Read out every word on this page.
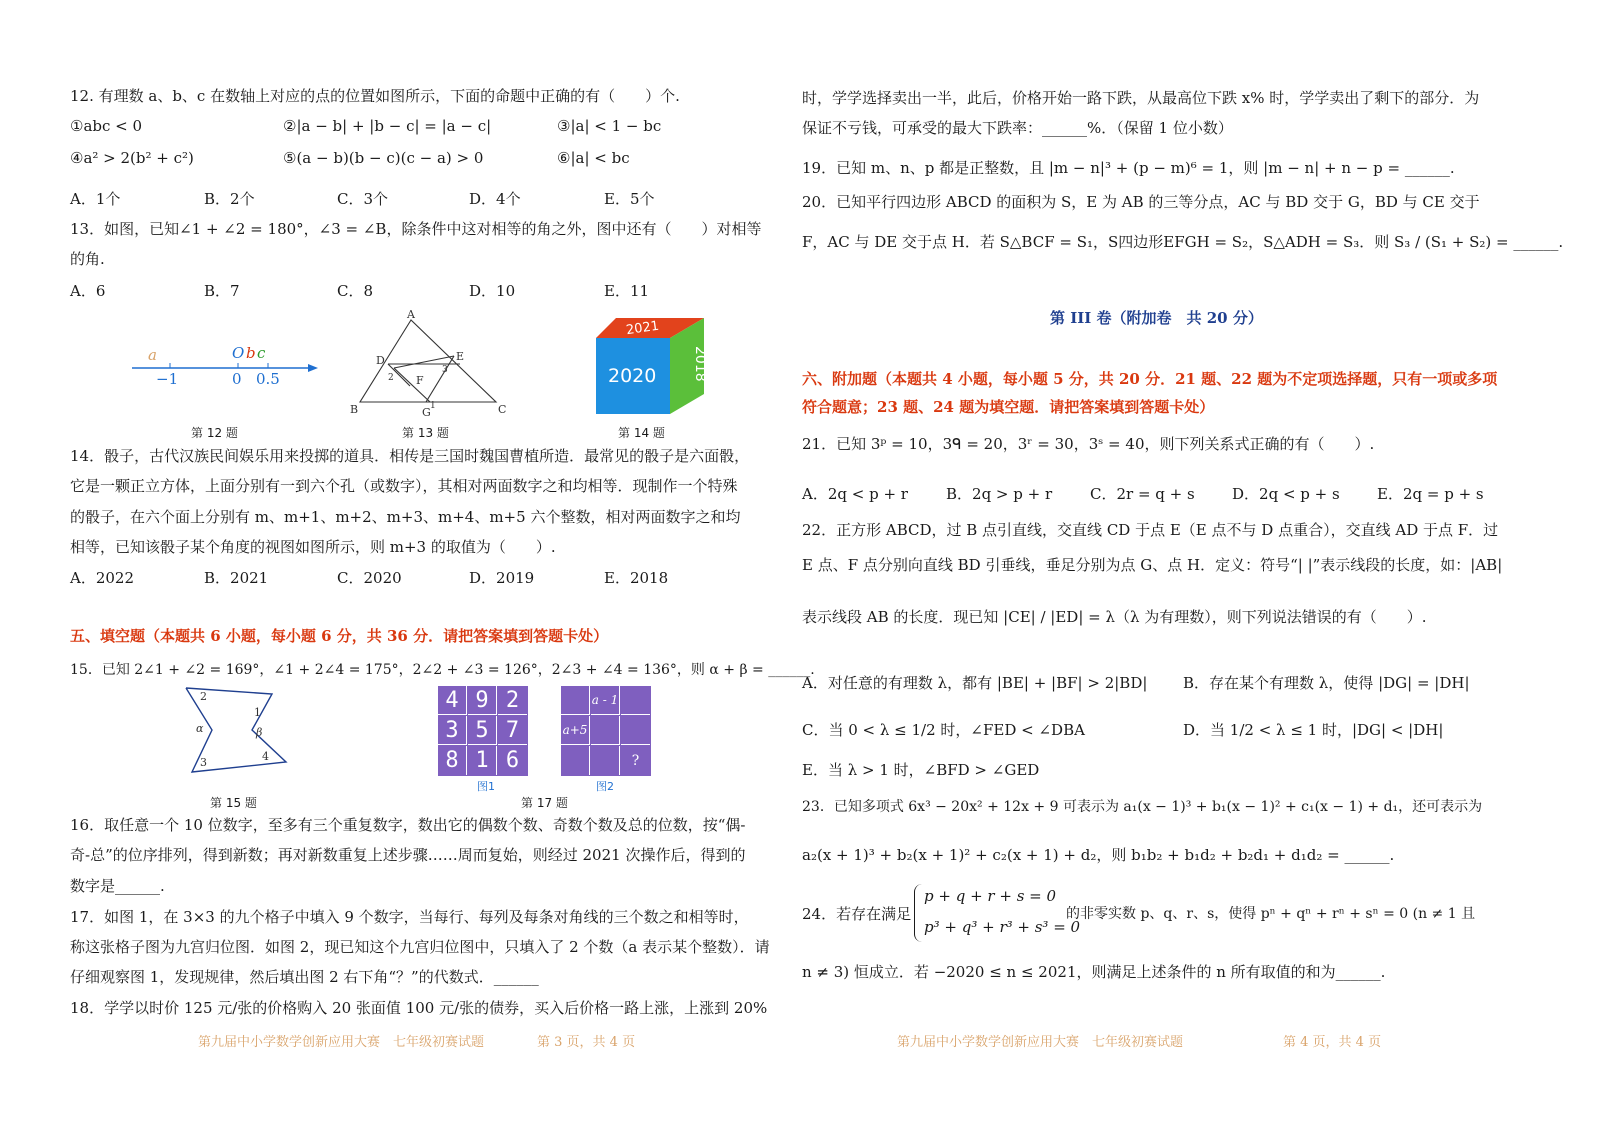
12. 有理数 a、b、c 在数轴上对应的点的位置如图所示，下面的命题中正确的有（　　）个.
①abc < 0	②|a − b| + |b − c| = |a − c|	③|a| < 1 − bc
④a² > 2(b² + c²)	⑤(a − b)(b − c)(c − a) > 0	⑥|a| < bc
A．1个	B．2个	C．3个	D．4个	E．5个
13．如图，已知∠1 + ∠2 = 180°，∠3 = ∠B，除条件中这对相等的角之外，图中还有（　　）对相等
的角.
A．6	B．7	C．8	D．10	E．11
a	O b c
−1	0 0.5
第 12 题
A
B	C
D	E
F
G 1
2
3
第 13 题
2021
2020	2018
第 14 题
14．骰子，古代汉族民间娱乐用来投掷的道具．相传是三国时魏国曹植所造．最常见的骰子是六面骰，
它是一颗正立方体，上面分别有一到六个孔（或数字），其相对两面数字之和均相等．现制作一个特殊
的骰子，在六个面上分别有 m、m+1、m+2、m+3、m+4、m+5 六个整数，相对两面数字之和均
相等，已知该骰子某个角度的视图如图所示，则 m+3 的取值为（　　）.
A．2022	B．2021	C．2020	D．2019	E．2018
五、填空题（本题共 6 小题，每小题 6 分，共 36 分．请把答案填到答题卡处）
15．已知 2∠1 + ∠2 = 169°，∠1 + 2∠4 = 175°，2∠2 + ∠3 = 126°，2∠3 + ∠4 = 136°，则 α + β = ______.
2
1
3	4
α	β
第 15 题
4 9 2
3 5 7
8 1 6
图1
a - 1
a+5
?
图2
第 17 题
16．取任意一个 10 位数字，至多有三个重复数字，数出它的偶数个数、奇数个数及总的位数，按“偶-
奇-总”的位序排列，得到新数；再对新数重复上述步骤……周而复始，则经过 2021 次操作后，得到的
数字是______.
17．如图 1，在 3×3 的九个格子中填入 9 个数字，当每行、每列及每条对角线的三个数之和相等时，
称这张格子图为九宫归位图．如图 2，现已知这个九宫归位图中，只填入了 2 个数（a 表示某个整数）．请
仔细观察图 1，发现规律，然后填出图 2 右下角“？”的代数式．______
18．学学以时价 125 元/张的价格购入 20 张面值 100 元/张的债券，买入后价格一路上涨，上涨到 20%
第九届中小学数学创新应用大赛　七年级初赛试题	第 3 页，共 4 页
时，学学选择卖出一半，此后，价格开始一路下跌，从最高位下跌 x% 时，学学卖出了剩下的部分．为
保证不亏钱，可承受的最大下跌率：______%．（保留 1 位小数）
19．已知 m、n、p 都是正整数，且 |m − n|³ + (p − m)⁶ = 1，则 |m − n| + n − p = ______.
20．已知平行四边形 ABCD 的面积为 S，E 为 AB 的三等分点，AC 与 BD 交于 G，BD 与 CE 交于
F，AC 与 DE 交于点 H．若 S△BCF = S₁，S四边形EFGH = S₂，S△ADH = S₃．则 S₃ / (S₁ + S₂) = ______.
第 III 卷（附加卷　共 20 分）
六、附加题（本题共 4 小题，每小题 5 分，共 20 分．21 题、22 题为不定项选择题，只有一项或多项
符合题意；23 题、24 题为填空题．请把答案填到答题卡处）
21．已知 3ᵖ = 10，3ᑫ = 20，3ʳ = 30，3ˢ = 40，则下列关系式正确的有（　　）.
A．2q < p + r	B．2q > p + r	C．2r = q + s D．2q < p + s E．2q = p + s
22．正方形 ABCD，过 B 点引直线，交直线 CD 于点 E（E 点不与 D 点重合），交直线 AD 于点 F．过
E 点、F 点分别向直线 BD 引垂线，垂足分别为点 G、点 H．定义：符号“| |”表示线段的长度，如：|AB|
表示线段 AB 的长度．现已知 |CE| / |ED| = λ（λ 为有理数），则下列说法错误的有（　　）.
A．对任意的有理数 λ，都有 |BE| + |BF| > 2|BD| B．存在某个有理数 λ，使得 |DG| = |DH|
C．当 0 < λ ≤ 1/2 时，∠FED < ∠DBA	D．当 1/2 < λ ≤ 1 时，|DG| < |DH|
E．当 λ > 1 时，∠BFD > ∠GED
23．已知多项式 6x³ − 20x² + 12x + 9 可表示为 a₁(x − 1)³ + b₁(x − 1)² + c₁(x − 1) + d₁，还可表示为
a₂(x + 1)³ + b₂(x + 1)² + c₂(x + 1) + d₂，则 b₁b₂ + b₁d₂ + b₂d₁ + d₁d₂ = ______.
24．若存在满足
p + q + r + s = 0
p³ + q³ + r³ + s³ = 0
的非零实数 p、q、r、s，使得 pⁿ + qⁿ + rⁿ + sⁿ = 0 (n ≠ 1 且
n ≠ 3) 恒成立．若 −2020 ≤ n ≤ 2021，则满足上述条件的 n 所有取值的和为______.
第九届中小学数学创新应用大赛　七年级初赛试题	第 4 页，共 4 页
